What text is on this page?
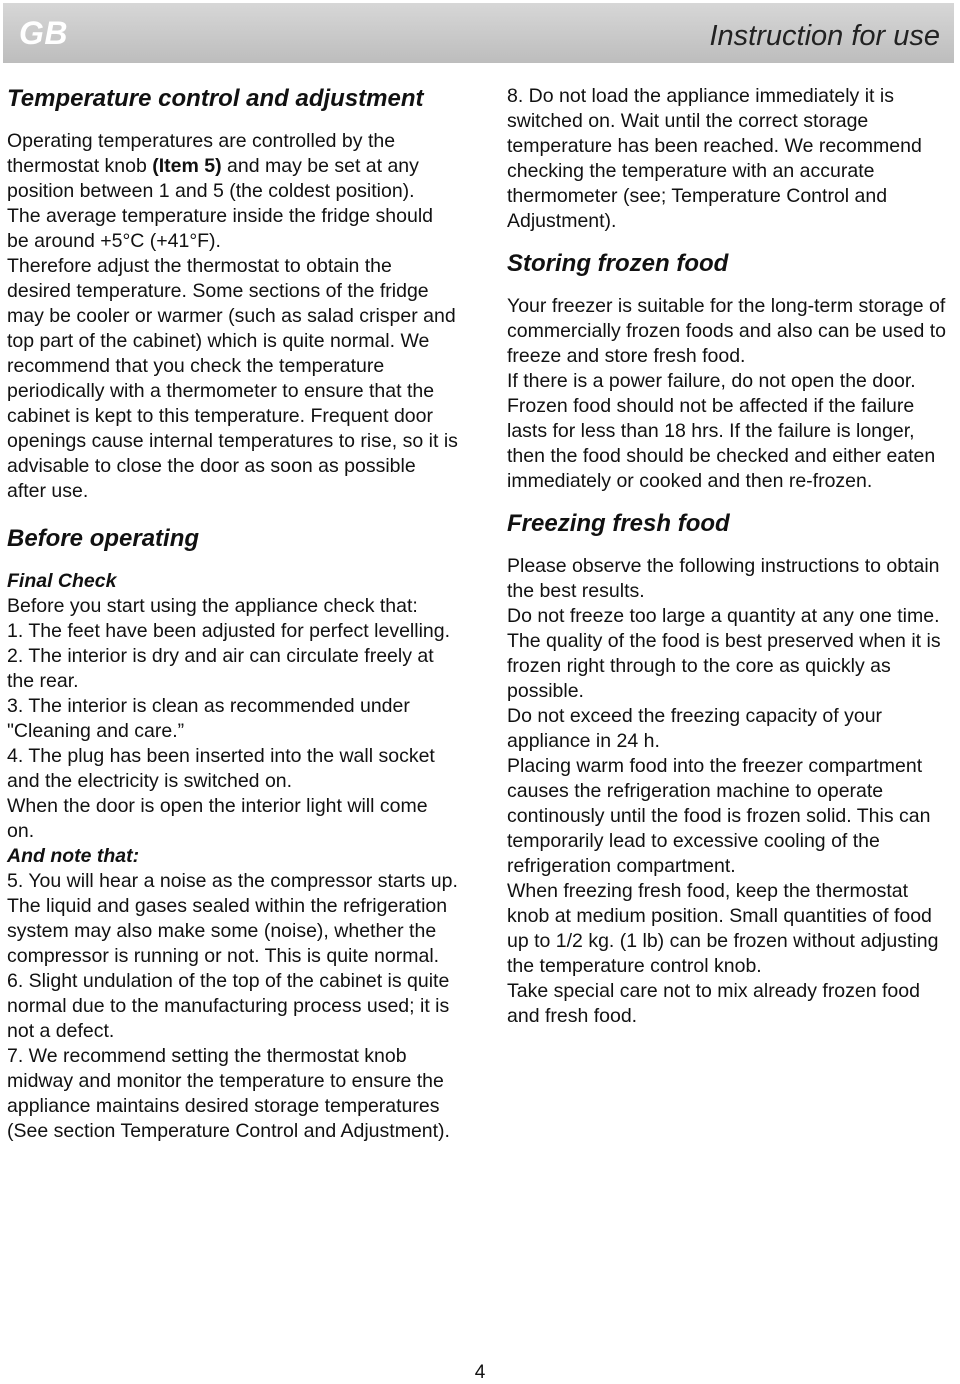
GB	Instruction for use
Temperature control and adjustment

Operating temperatures are controlled by the thermostat knob (Item 5) and may be set at any position between 1 and 5 (the coldest position).

The average temperature inside the fridge should be around +5°C (+41°F).

Therefore adjust the thermostat to obtain the desired temperature. Some sections of the fridge may be cooler or warmer (such as salad crisper and top part of the cabinet) which is quite normal. We recommend that you check the temperature periodically with a thermometer to ensure that the cabinet is kept to this temperature. Frequent door openings cause internal temperatures to rise, so it is advisable to close the door as soon as possible after use.

Before operating
Final Check

Before you start using the appliance check that:

1. The feet have been adjusted for perfect levelling.

2. The interior is dry and air can circulate freely at the rear.

3. The interior is clean as recommended under "Cleaning and care.”

4. The plug has been inserted into the wall socket and the electricity is switched on.

When the door is open the interior light will come on.

And note that:

5. You will hear a noise as the compressor starts up. The liquid and gases sealed within the refrigeration system may also make some (noise), whether the compressor is running or not. This is quite normal.

6. Slight undulation of the top of the cabinet is quite normal due to the manufacturing process used; it is not a defect.

7. We recommend setting the thermostat knob midway and monitor the temperature to ensure the appliance maintains desired storage temperatures (See section Temperature Control and Adjustment).

8. Do not load the appliance immediately it is switched on. Wait until the correct storage temperature has been reached. We recommend checking the temperature with an accurate thermometer (see; Temperature Control and Adjustment).

Storing frozen food

Your freezer is suitable for the long-term storage of commercially frozen foods and also can be used to freeze and store fresh food.

If there is a power failure, do not open the door. Frozen food should not be affected if the failure lasts for less than 18 hrs. If the failure is longer, then the food should be checked and either eaten immediately or cooked and then re-frozen.

Freezing fresh food

Please observe the following instructions to obtain the best results.

Do not freeze too large a quantity at any one time. The quality of the food is best preserved when it is frozen right through to the core as quickly as possible.

Do not exceed the freezing capacity of your appliance in 24 h.

Placing warm food into the freezer compartment causes the refrigeration machine to operate continously until the food is frozen solid. This can temporarily lead to excessive cooling of the refrigeration compartment.

When freezing fresh food, keep the thermostat knob at medium position. Small quantities of food up to 1/2 kg. (1 lb) can be frozen without adjusting the temperature control knob.

Take special care not to mix already frozen food and fresh food.

4
